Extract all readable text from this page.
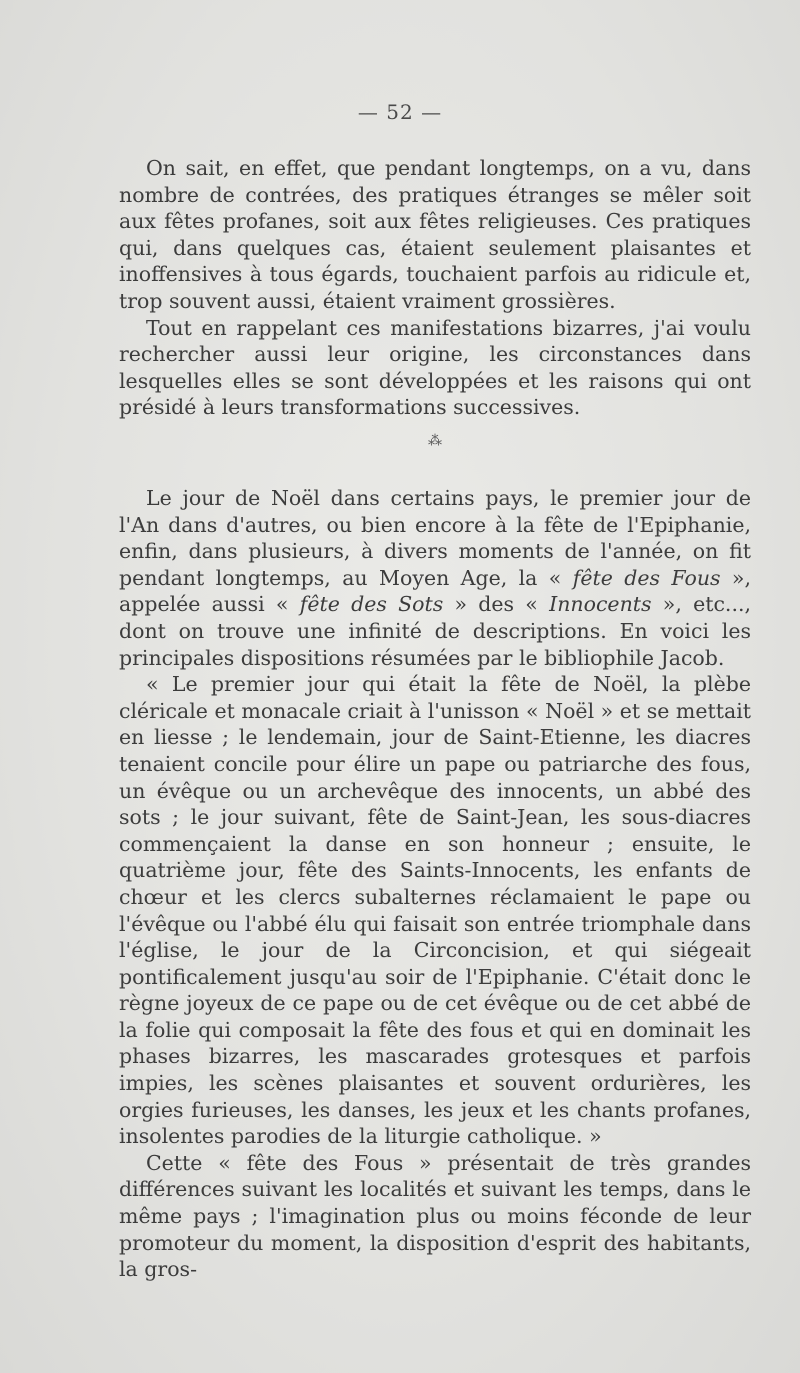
— 52 —

On sait, en effet, que pendant longtemps, on a vu, dans nombre de contrées, des pratiques étranges se mêler soit aux fêtes profanes, soit aux fêtes religieuses. Ces pratiques qui, dans quelques cas, étaient seulement plaisantes et inoffensives à tous égards, touchaient parfois au ridicule et, trop souvent aussi, étaient vraiment grossières.

Tout en rappelant ces manifestations bizarres, j'ai voulu rechercher aussi leur origine, les circonstances dans lesquelles elles se sont développées et les raisons qui ont présidé à leurs transformations successives.

⁂

Le jour de Noël dans certains pays, le premier jour de l'An dans d'autres, ou bien encore à la fête de l'Epiphanie, enfin, dans plusieurs, à divers moments de l'année, on fit pendant longtemps, au Moyen Age, la « fête des Fous », appelée aussi « fête des Sots » des « Innocents », etc..., dont on trouve une infinité de descriptions. En voici les principales dispositions résumées par le bibliophile Jacob.

« Le premier jour qui était la fête de Noël, la plèbe cléricale et monacale criait à l'unisson « Noël » et se mettait en liesse ; le lendemain, jour de Saint-Etienne, les diacres tenaient concile pour élire un pape ou patriarche des fous, un évêque ou un archevêque des innocents, un abbé des sots ; le jour suivant, fête de Saint-Jean, les sous-diacres commençaient la danse en son honneur ; ensuite, le quatrième jour, fête des Saints-Innocents, les enfants de chœur et les clercs subalternes réclamaient le pape ou l'évêque ou l'abbé élu qui faisait son entrée triomphale dans l'église, le jour de la Circoncision, et qui siégeait pontificalement jusqu'au soir de l'Epiphanie. C'était donc le règne joyeux de ce pape ou de cet évêque ou de cet abbé de la folie qui composait la fête des fous et qui en dominait les phases bizarres, les mascarades grotesques et parfois impies, les scènes plaisantes et souvent ordurières, les orgies furieuses, les danses, les jeux et les chants profanes, insolentes parodies de la liturgie catholique. »

Cette « fête des Fous » présentait de très grandes différences suivant les localités et suivant les temps, dans le même pays ; l'imagination plus ou moins féconde de leur promoteur du moment, la disposition d'esprit des habitants, la gros-
